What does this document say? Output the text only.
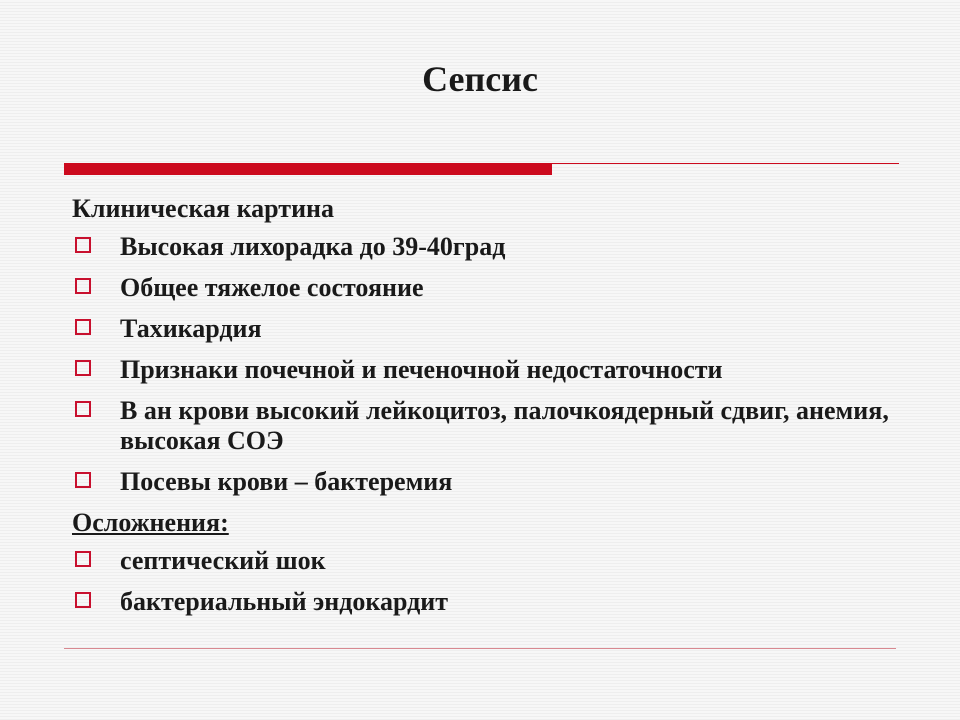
Сепсис
Клиническая картина
Высокая лихорадка до 39-40град
Общее тяжелое состояние
Тахикардия
Признаки почечной и печеночной недостаточности
В ан крови высокий лейкоцитоз, палочкоядерный сдвиг, анемия, высокая СОЭ
Посевы крови – бактеремия
Осложнения:
септический шок
бактериальный эндокардит
